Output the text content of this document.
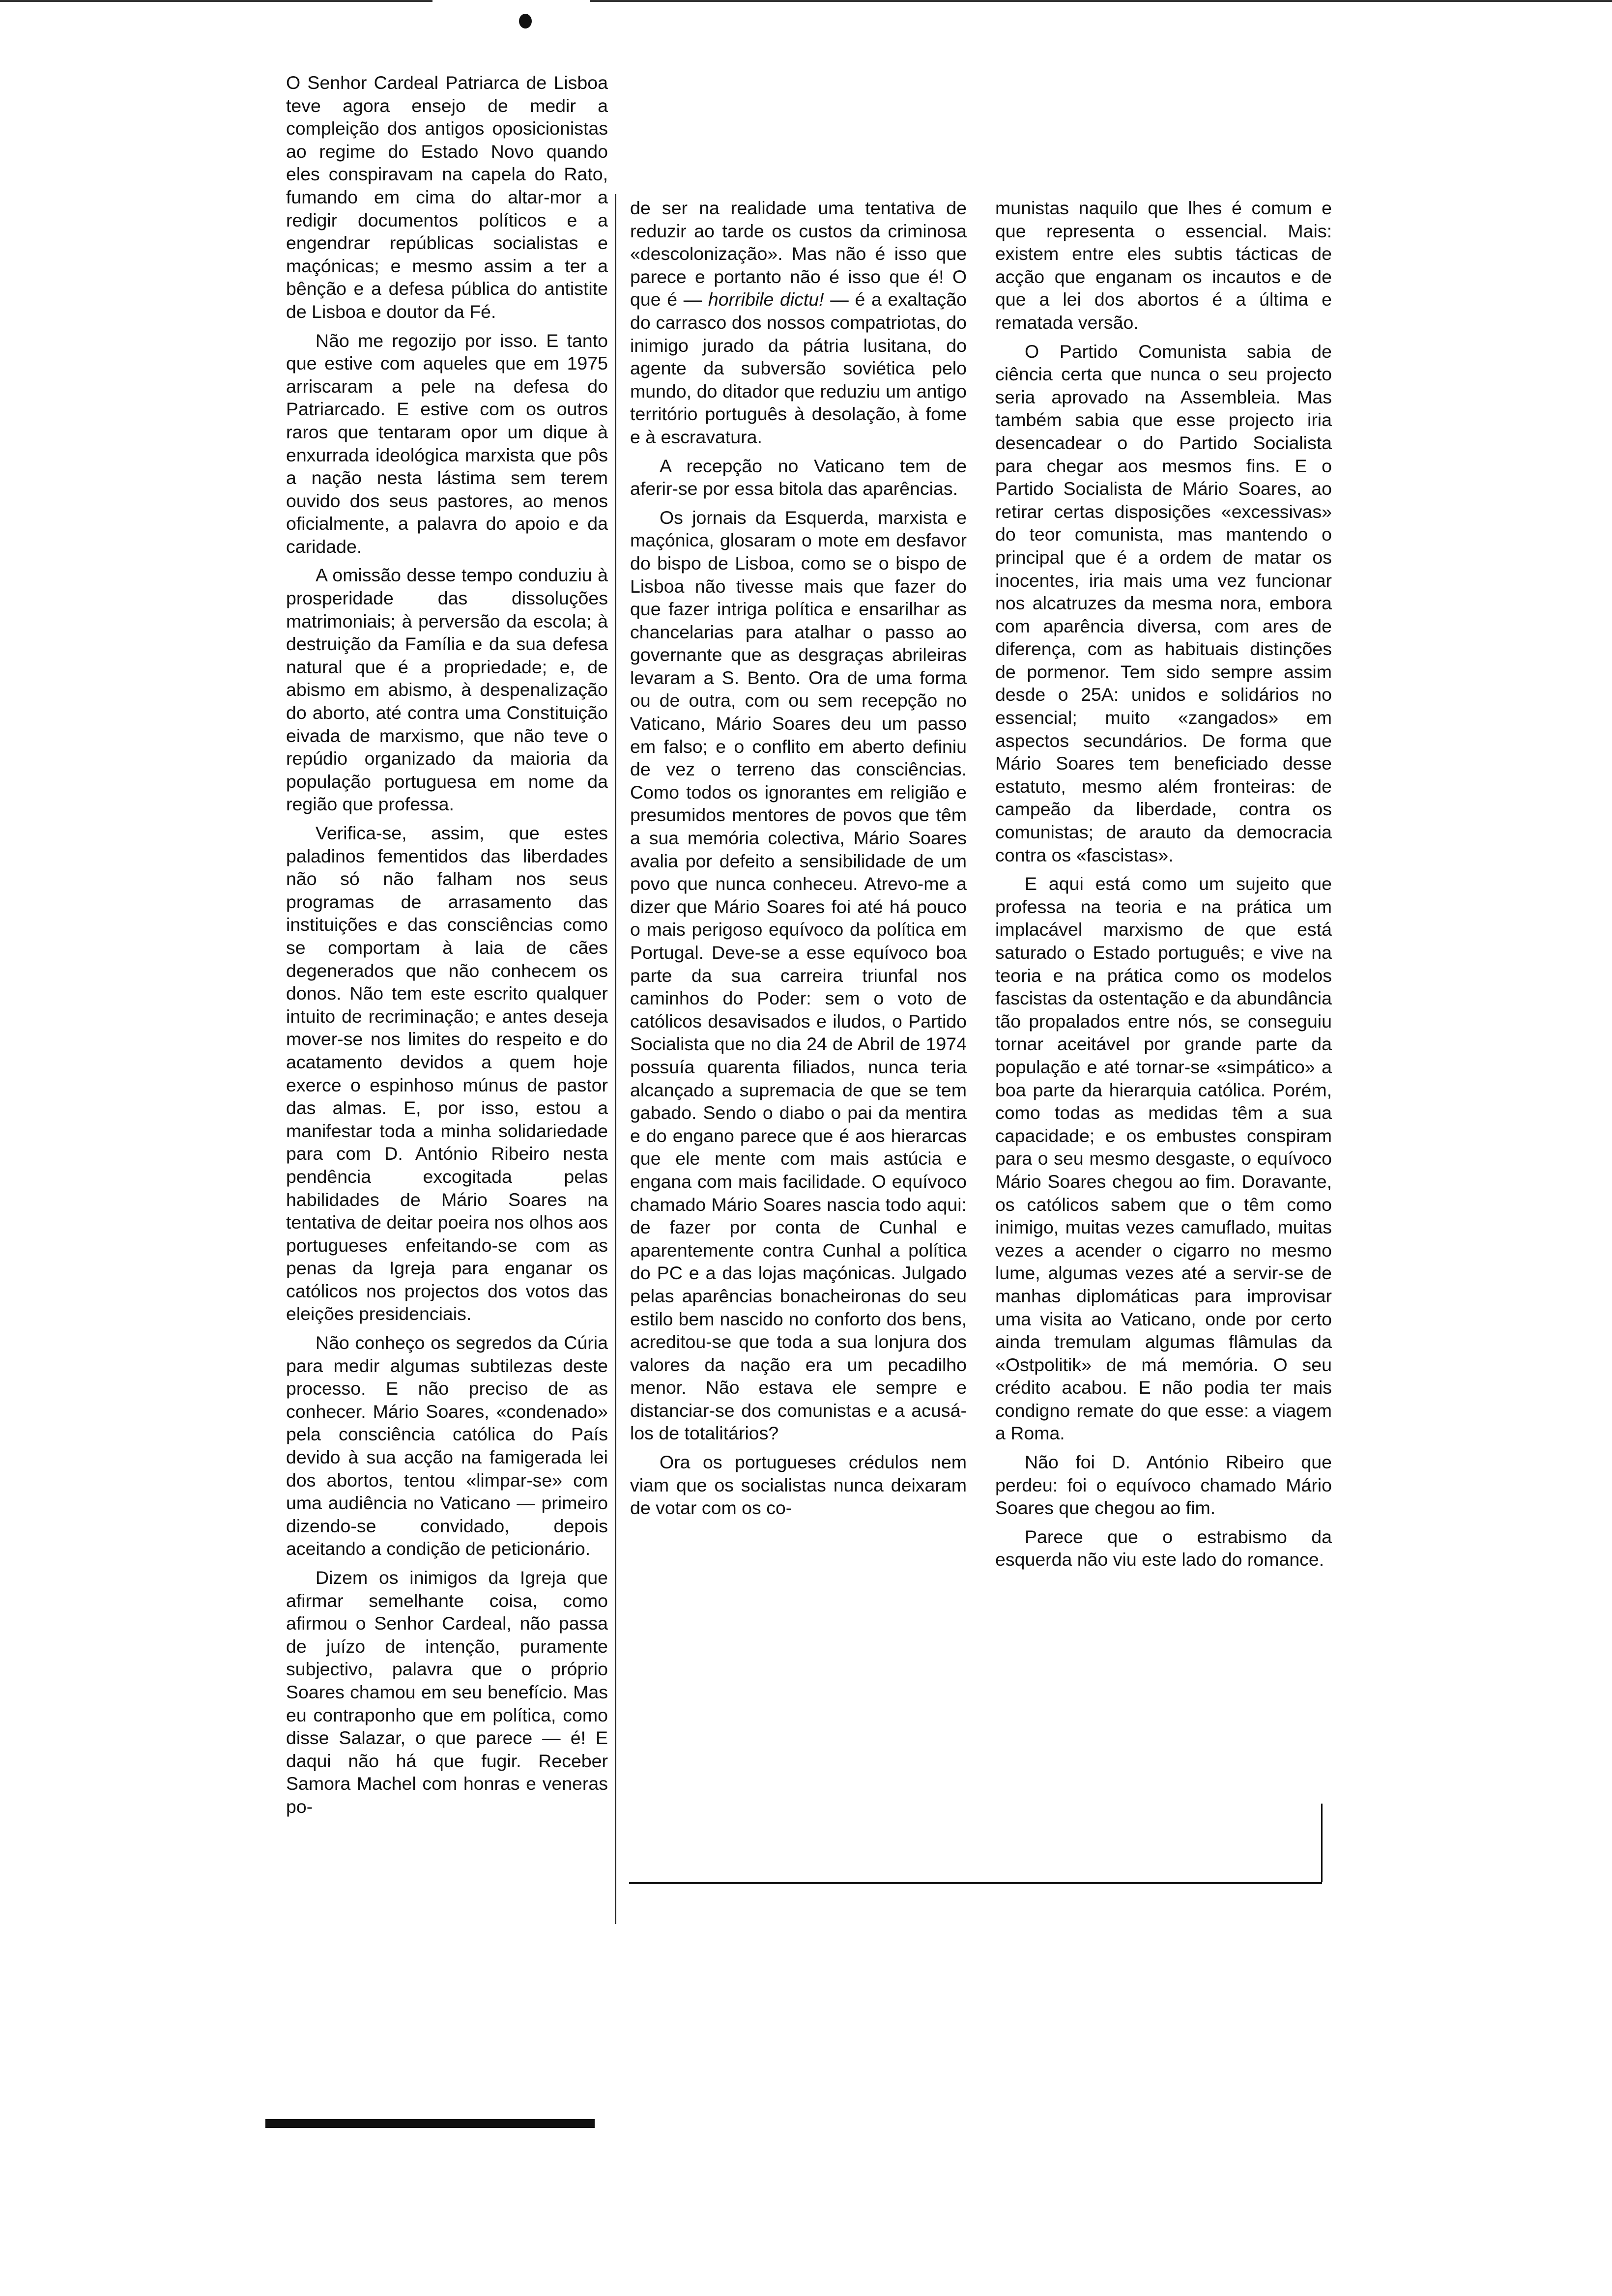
O Senhor Cardeal Patriarca de Lisboa teve agora ensejo de medir a compleição dos antigos oposicionistas ao regime do Estado Novo quando eles conspiravam na capela do Rato, fumando em cima do altar-mor a redigir documentos políticos e a engendrar repúblicas socialistas e maçónicas; e mesmo assim a ter a bênção e a defesa pública do antistite de Lisboa e doutor da Fé.

Não me regozijo por isso. E tanto que estive com aqueles que em 1975 arriscaram a pele na defesa do Patriarcado. E estive com os outros raros que tentaram opor um dique à enxurrada ideológica marxista que pôs a nação nesta lástima sem terem ouvido dos seus pastores, ao menos oficialmente, a palavra do apoio e da caridade.

A omissão desse tempo conduziu à prosperidade das dissoluções matrimoniais; à perversão da escola; à destruição da Família e da sua defesa natural que é a propriedade; e, de abismo em abismo, à despenalização do aborto, até contra uma Constituição eivada de marxismo, que não teve o repúdio organizado da maioria da população portuguesa em nome da região que professa.

Verifica-se, assim, que estes paladinos fementidos das liberdades não só não falham nos seus programas de arrasamento das instituições e das consciências como se comportam à laia de cães degenerados que não conhecem os donos. Não tem este escrito qualquer intuito de recriminação; e antes deseja mover-se nos limites do respeito e do acatamento devidos a quem hoje exerce o espinhoso múnus de pastor das almas. E, por isso, estou a manifestar toda a minha solidariedade para com D. António Ribeiro nesta pendência excogitada pelas habilidades de Mário Soares na tentativa de deitar poeira nos olhos aos portugueses enfeitando-se com as penas da Igreja para enganar os católicos nos projectos dos votos das eleições presidenciais.

Não conheço os segredos da Cúria para medir algumas subtilezas deste processo. E não preciso de as conhecer. Mário Soares, «condenado» pela consciência católica do País devido à sua acção na famigerada lei dos abortos, tentou «limpar-se» com uma audiência no Vaticano — primeiro dizendo-se convidado, depois aceitando a condição de peticionário.

Dizem os inimigos da Igreja que afirmar semelhante coisa, como afirmou o Senhor Cardeal, não passa de juízo de intenção, puramente subjectivo, palavra que o próprio Soares chamou em seu benefício. Mas eu contraponho que em política, como disse Salazar, o que parece — é! E daqui não há que fugir. Receber Samora Machel com honras e veneras po-

de ser na realidade uma tentativa de reduzir ao tarde os custos da criminosa «descolonização». Mas não é isso que parece e portanto não é isso que é! O que é — horribile dictu! — é a exaltação do carrasco dos nossos compatriotas, do inimigo jurado da pátria lusitana, do agente da subversão soviética pelo mundo, do ditador que reduziu um antigo território português à desolação, à fome e à escravatura.

A recepção no Vaticano tem de aferir-se por essa bitola das aparências.

Os jornais da Esquerda, marxista e maçónica, glosaram o mote em desfavor do bispo de Lisboa, como se o bispo de Lisboa não tivesse mais que fazer do que fazer intriga política e ensarilhar as chancelarias para atalhar o passo ao governante que as desgraças abrileiras levaram a S. Bento. Ora de uma forma ou de outra, com ou sem recepção no Vaticano, Mário Soares deu um passo em falso; e o conflito em aberto definiu de vez o terreno das consciências. Como todos os ignorantes em religião e presumidos mentores de povos que têm a sua memória colectiva, Mário Soares avalia por defeito a sensibilidade de um povo que nunca conheceu. Atrevo-me a dizer que Mário Soares foi até há pouco o mais perigoso equívoco da política em Portugal. Deve-se a esse equívoco boa parte da sua carreira triunfal nos caminhos do Poder: sem o voto de católicos desavisados e iludos, o Partido Socialista que no dia 24 de Abril de 1974 possuía quarenta filiados, nunca teria alcançado a supremacia de que se tem gabado. Sendo o diabo o pai da mentira e do engano parece que é aos hierarcas que ele mente com mais astúcia e engana com mais facilidade. O equívoco chamado Mário Soares nascia todo aqui: de fazer por conta de Cunhal e aparentemente contra Cunhal a política do PC e a das lojas maçónicas. Julgado pelas aparências bonacheironas do seu estilo bem nascido no conforto dos bens, acreditou-se que toda a sua lonjura dos valores da nação era um pecadilho menor. Não estava ele sempre e distanciar-se dos comunistas e a acusá-los de totalitários?

Ora os portugueses crédulos nem viam que os socialistas nunca deixaram de votar com os co-

munistas naquilo que lhes é comum e que representa o essencial. Mais: existem entre eles subtis tácticas de acção que enganam os incautos e de que a lei dos abortos é a última e rematada versão.

O Partido Comunista sabia de ciência certa que nunca o seu projecto seria aprovado na Assembleia. Mas também sabia que esse projecto iria desencadear o do Partido Socialista para chegar aos mesmos fins. E o Partido Socialista de Mário Soares, ao retirar certas disposições «excessivas» do teor comunista, mas mantendo o principal que é a ordem de matar os inocentes, iria mais uma vez funcionar nos alcatruzes da mesma nora, embora com aparência diversa, com ares de diferença, com as habituais distinções de pormenor. Tem sido sempre assim desde o 25A: unidos e solidários no essencial; muito «zangados» em aspectos secundários. De forma que Mário Soares tem beneficiado desse estatuto, mesmo além fronteiras: de campeão da liberdade, contra os comunistas; de arauto da democracia contra os «fascistas».

E aqui está como um sujeito que professa na teoria e na prática um implacável marxismo de que está saturado o Estado português; e vive na teoria e na prática como os modelos fascistas da ostentação e da abundância tão propalados entre nós, se conseguiu tornar aceitável por grande parte da população e até tornar-se «simpático» a boa parte da hierarquia católica. Porém, como todas as medidas têm a sua capacidade; e os embustes conspiram para o seu mesmo desgaste, o equívoco Mário Soares chegou ao fim. Doravante, os católicos sabem que o têm como inimigo, muitas vezes camuflado, muitas vezes a acender o cigarro no mesmo lume, algumas vezes até a servir-se de manhas diplomáticas para improvisar uma visita ao Vaticano, onde por certo ainda tremulam algumas flâmulas da «Ostpolitik» de má memória. O seu crédito acabou. E não podia ter mais condigno remate do que esse: a viagem a Roma.

Não foi D. António Ribeiro que perdeu: foi o equívoco chamado Mário Soares que chegou ao fim.

Parece que o estrabismo da esquerda não viu este lado do romance.
